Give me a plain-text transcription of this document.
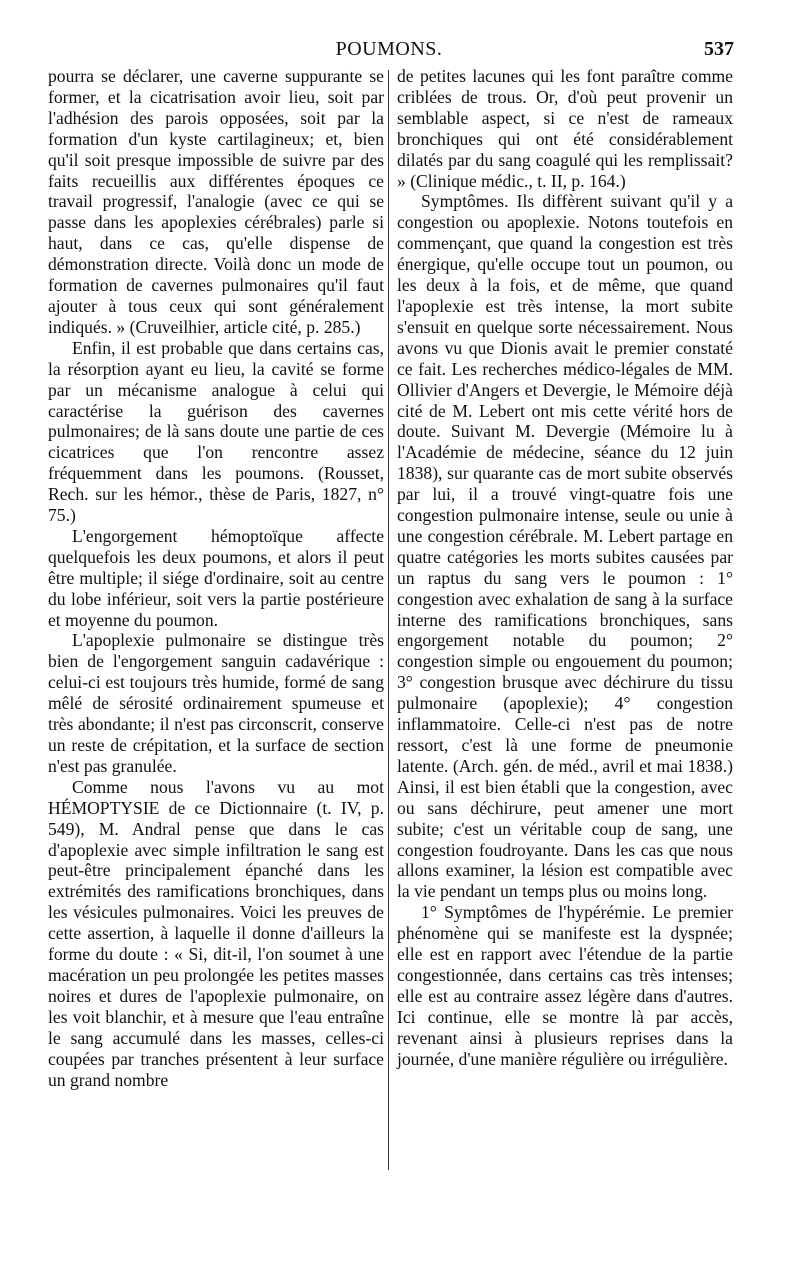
POUMONS.	537

pourra se déclarer, une caverne suppurante se former, et la cicatrisation avoir lieu, soit par l'adhésion des parois opposées, soit par la formation d'un kyste cartilagineux; et, bien qu'il soit presque impossible de suivre par des faits recueillis aux différentes époques ce travail progressif, l'analogie (avec ce qui se passe dans les apoplexies cérébrales) parle si haut, dans ce cas, qu'elle dispense de démonstration directe. Voilà donc un mode de formation de cavernes pulmonaires qu'il faut ajouter à tous ceux qui sont généralement indiqués. » (Cruveilhier, article cité, p. 285.)

Enfin, il est probable que dans certains cas, la résorption ayant eu lieu, la cavité se forme par un mécanisme analogue à celui qui caractérise la guérison des cavernes pulmonaires; de là sans doute une partie de ces cicatrices que l'on rencontre assez fréquemment dans les poumons. (Rousset, Rech. sur les hémor., thèse de Paris, 1827, n° 75.)

L'engorgement hémoptoïque affecte quelquefois les deux poumons, et alors il peut être multiple; il siége d'ordinaire, soit au centre du lobe inférieur, soit vers la partie postérieure et moyenne du poumon.

L'apoplexie pulmonaire se distingue très bien de l'engorgement sanguin cadavérique : celui-ci est toujours très humide, formé de sang mêlé de sérosité ordinairement spumeuse et très abondante; il n'est pas circonscrit, conserve un reste de crépitation, et la surface de section n'est pas granulée.

Comme nous l'avons vu au mot HÉMOPTYSIE de ce Dictionnaire (t. IV, p. 549), M. Andral pense que dans le cas d'apoplexie avec simple infiltration le sang est peut-être principalement épanché dans les extrémités des ramifications bronchiques, dans les vésicules pulmonaires. Voici les preuves de cette assertion, à laquelle il donne d'ailleurs la forme du doute : « Si, dit-il, l'on soumet à une macération un peu prolongée les petites masses noires et dures de l'apoplexie pulmonaire, on les voit blanchir, et à mesure que l'eau entraîne le sang accumulé dans les masses, celles-ci coupées par tranches présentent à leur surface un grand nombre

de petites lacunes qui les font paraître comme criblées de trous. Or, d'où peut provenir un semblable aspect, si ce n'est de rameaux bronchiques qui ont été considérablement dilatés par du sang coagulé qui les remplissait? » (Clinique médic., t. II, p. 164.)

Symptômes. Ils diffèrent suivant qu'il y a congestion ou apoplexie. Notons toutefois en commençant, que quand la congestion est très énergique, qu'elle occupe tout un poumon, ou les deux à la fois, et de même, que quand l'apoplexie est très intense, la mort subite s'ensuit en quelque sorte nécessairement. Nous avons vu que Dionis avait le premier constaté ce fait. Les recherches médico-légales de MM. Ollivier d'Angers et Devergie, le Mémoire déjà cité de M. Lebert ont mis cette vérité hors de doute. Suivant M. Devergie (Mémoire lu à l'Académie de médecine, séance du 12 juin 1838), sur quarante cas de mort subite observés par lui, il a trouvé vingt-quatre fois une congestion pulmonaire intense, seule ou unie à une congestion cérébrale. M. Lebert partage en quatre catégories les morts subites causées par un raptus du sang vers le poumon : 1° congestion avec exhalation de sang à la surface interne des ramifications bronchiques, sans engorgement notable du poumon; 2° congestion simple ou engouement du poumon; 3° congestion brusque avec déchirure du tissu pulmonaire (apoplexie); 4° congestion inflammatoire. Celle-ci n'est pas de notre ressort, c'est là une forme de pneumonie latente. (Arch. gén. de méd., avril et mai 1838.) Ainsi, il est bien établi que la congestion, avec ou sans déchirure, peut amener une mort subite; c'est un véritable coup de sang, une congestion foudroyante. Dans les cas que nous allons examiner, la lésion est compatible avec la vie pendant un temps plus ou moins long.

1° Symptômes de l'hypérémie. Le premier phénomène qui se manifeste est la dyspnée; elle est en rapport avec l'étendue de la partie congestionnée, dans certains cas très intenses; elle est au contraire assez légère dans d'autres. Ici continue, elle se montre là par accès, revenant ainsi à plusieurs reprises dans la journée, d'une manière régulière ou irrégulière.
